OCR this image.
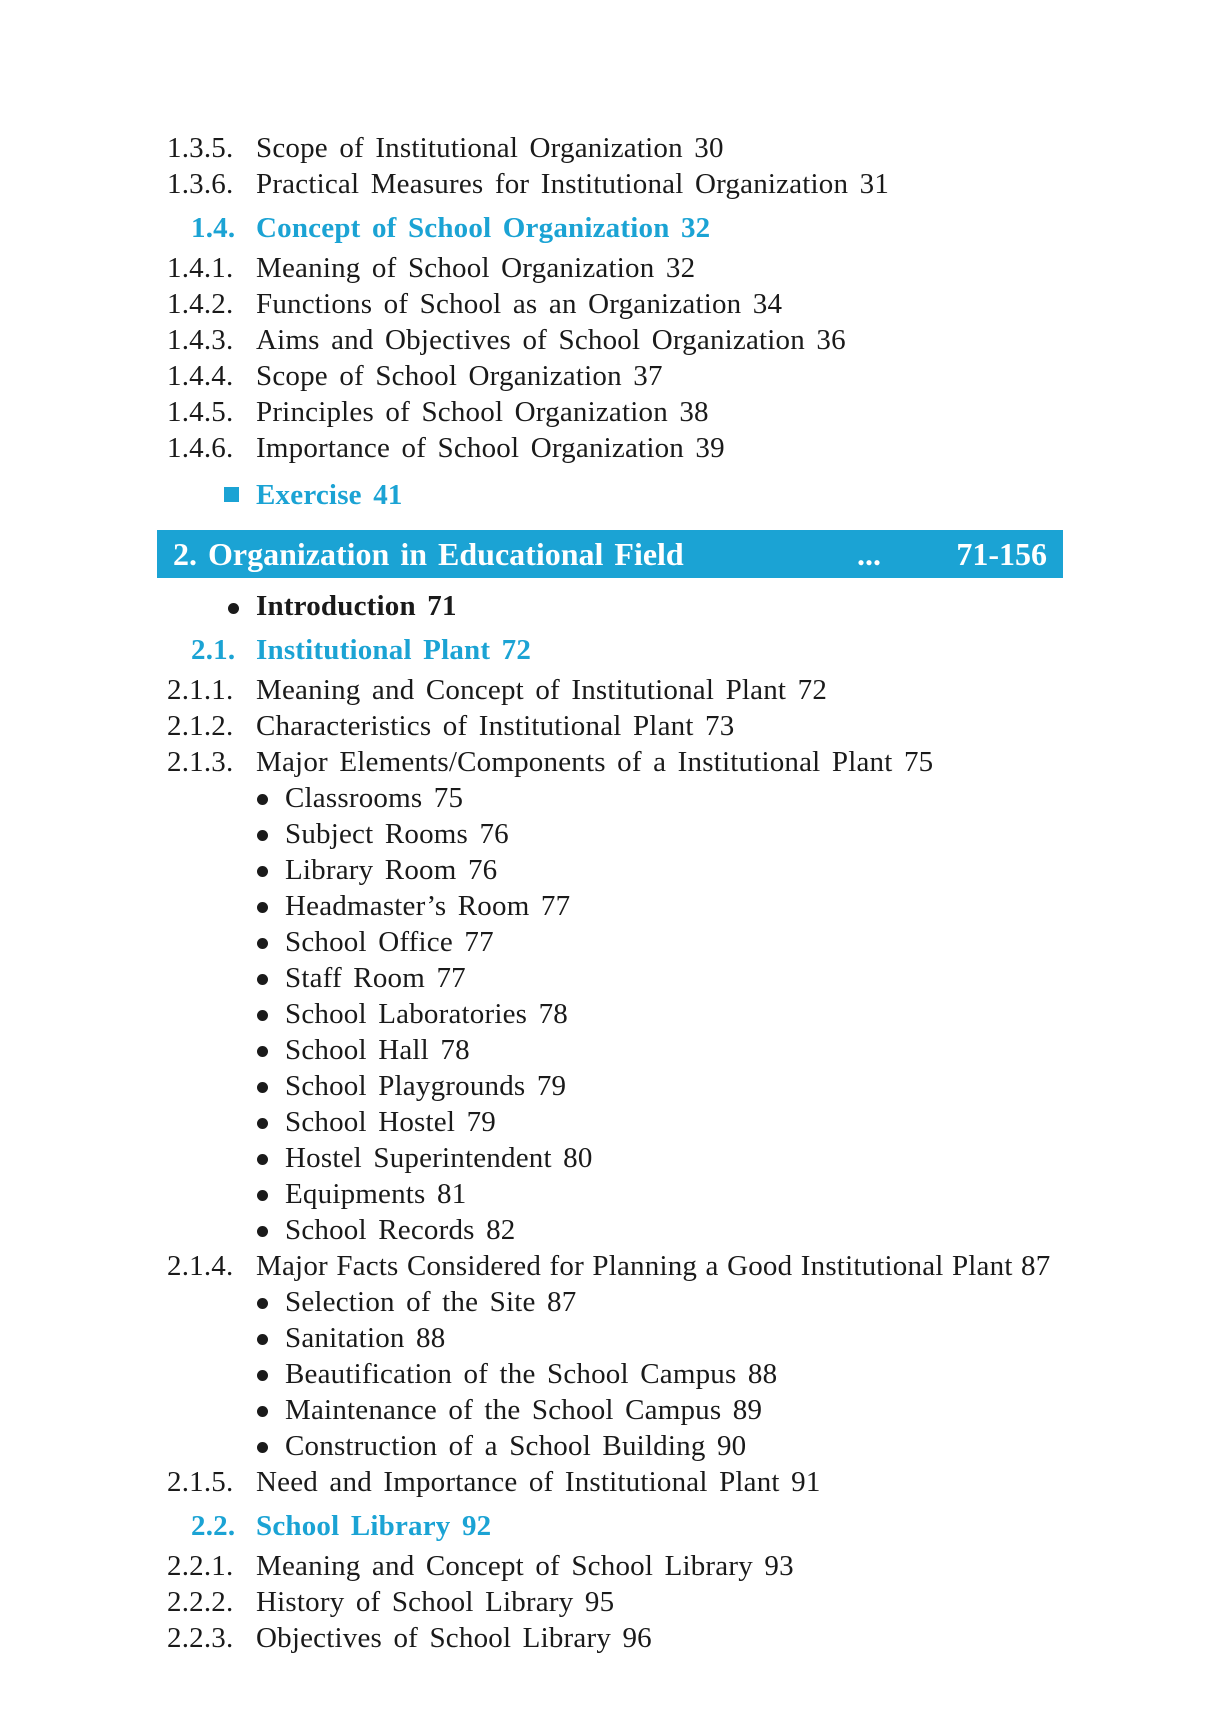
1.3.5. Scope of Institutional Organization 30
1.3.6. Practical Measures for Institutional Organization 31
1.4. Concept of School Organization 32
1.4.1. Meaning of School Organization 32
1.4.2. Functions of School as an Organization 34
1.4.3. Aims and Objectives of School Organization 36
1.4.4. Scope of School Organization 37
1.4.5. Principles of School Organization 38
1.4.6. Importance of School Organization 39
Exercise 41
2. Organization in Educational Field	... 71-156
Introduction 71
2.1. Institutional Plant 72
2.1.1. Meaning and Concept of Institutional Plant 72
2.1.2. Characteristics of Institutional Plant 73
2.1.3. Major Elements/Components of a Institutional Plant 75
Classrooms 75
Subject Rooms 76
Library Room 76
Headmaster’s Room 77
School Office 77
Staff Room 77
School Laboratories 78
School Hall 78
School Playgrounds 79
School Hostel 79
Hostel Superintendent 80
Equipments 81
School Records 82
2.1.4. Major Facts Considered for Planning a Good Institutional Plant 87
Selection of the Site 87
Sanitation 88
Beautification of the School Campus 88
Maintenance of the School Campus 89
Construction of a School Building 90
2.1.5. Need and Importance of Institutional Plant 91
2.2. School Library 92
2.2.1. Meaning and Concept of School Library 93
2.2.2. History of School Library 95
2.2.3. Objectives of School Library 96
